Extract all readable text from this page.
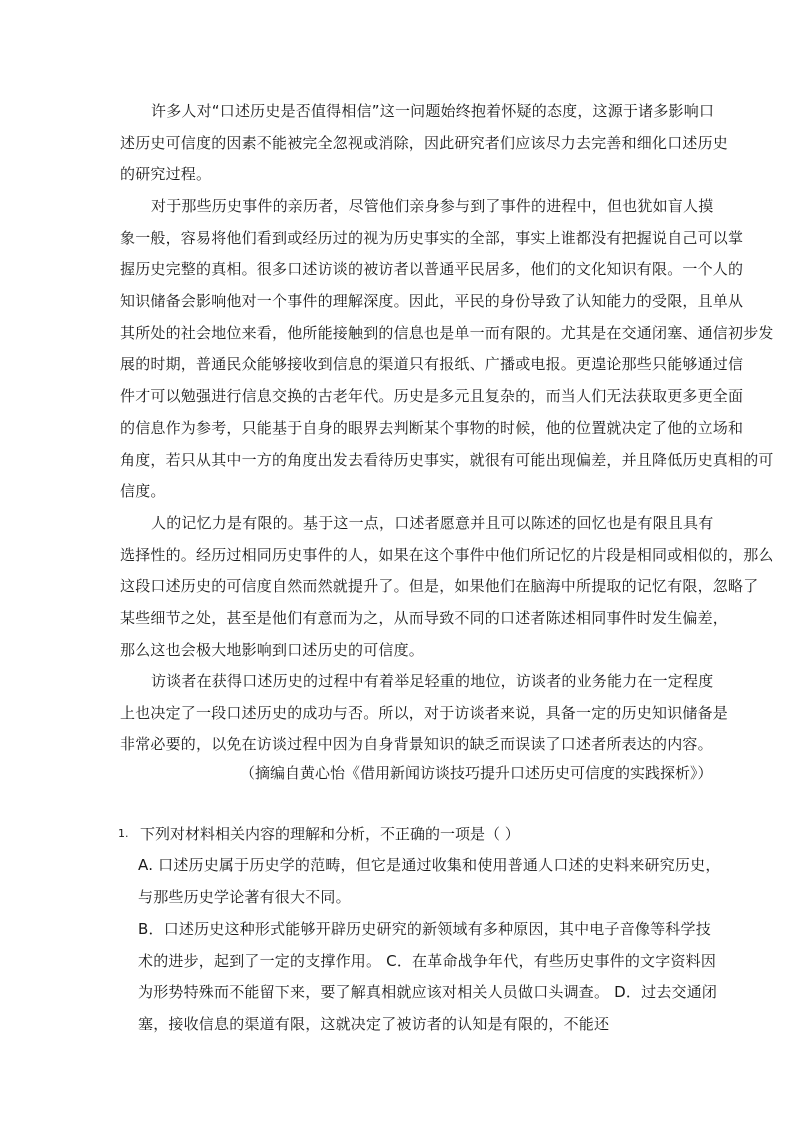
许多人对“口述历史是否值得相信”这一问题始终抱着怀疑的态度，这源于诸多影响口
述历史可信度的因素不能被完全忽视或消除，因此研究者们应该尽力去完善和细化口述历史
的研究过程。
对于那些历史事件的亲历者，尽管他们亲身参与到了事件的进程中，但也犹如盲人摸
象一般，容易将他们看到或经历过的视为历史事实的全部，事实上谁都没有把握说自己可以掌
握历史完整的真相。很多口述访谈的被访者以普通平民居多，他们的文化知识有限。一个人的
知识储备会影响他对一个事件的理解深度。因此，平民的身份导致了认知能力的受限，且单从
其所处的社会地位来看，他所能接触到的信息也是单一而有限的。尤其是在交通闭塞、通信初步发
展的时期，普通民众能够接收到信息的渠道只有报纸、广播或电报。更遑论那些只能够通过信
件才可以勉强进行信息交换的古老年代。历史是多元且复杂的，而当人们无法获取更多更全面
的信息作为参考，只能基于自身的眼界去判断某个事物的时候，他的位置就决定了他的立场和
角度，若只从其中一方的角度出发去看待历史事实，就很有可能出现偏差，并且降低历史真相的可
信度。
人的记忆力是有限的。基于这一点，口述者愿意并且可以陈述的回忆也是有限且具有
选择性的。经历过相同历史事件的人，如果在这个事件中他们所记忆的片段是相同或相似的，那么
这段口述历史的可信度自然而然就提升了。但是，如果他们在脑海中所提取的记忆有限，忽略了
某些细节之处，甚至是他们有意而为之，从而导致不同的口述者陈述相同事件时发生偏差，
那么这也会极大地影响到口述历史的可信度。
访谈者在获得口述历史的过程中有着举足轻重的地位，访谈者的业务能力在一定程度
上也决定了一段口述历史的成功与否。所以，对于访谈者来说，具备一定的历史知识储备是
非常必要的，以免在访谈过程中因为自身背景知识的缺乏而误读了口述者所表达的内容。

（摘编自黄心怡《借用新闻访谈技巧提升口述历史可信度的实践探析》）

1. 下列对材料相关内容的理解和分析，不正确的一项是（ ）
A. 口述历史属于历史学的范畴，但它是通过收集和使用普通人口述的史料来研究历史，
与那些历史学论著有很大不同。
B．口述历史这种形式能够开辟历史研究的新领域有多种原因，其中电子音像等科学技
术的进步，起到了一定的支撑作用。 C．在革命战争年代，有些历史事件的文字资料因
为形势特殊而不能留下来，要了解真相就应该对相关人员做口头调查。 D．过去交通闭
塞，接收信息的渠道有限，这就决定了被访者的认知是有限的，不能还
